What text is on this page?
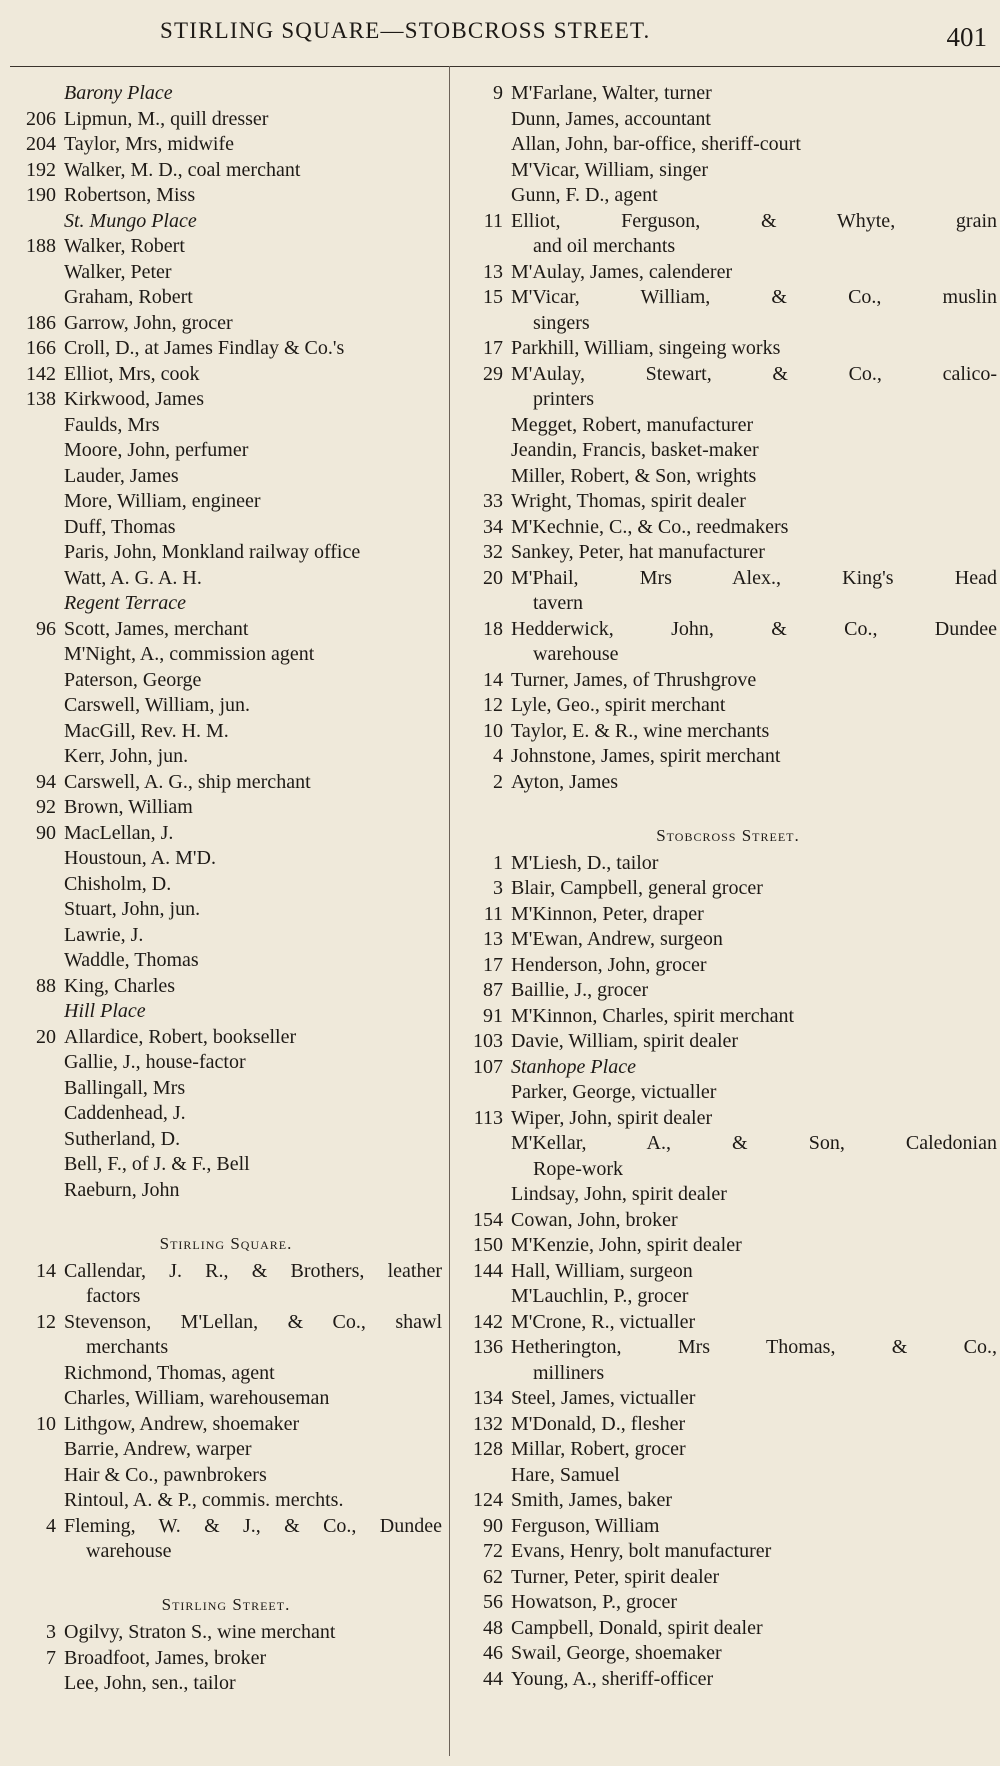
STIRLING SQUARE—STOBCROSS STREET.	401
Barony Place
206 Lipmun, M., quill dresser
204 Taylor, Mrs, midwife
192 Walker, M. D., coal merchant
190 Robertson, Miss
St. Mungo Place
188 Walker, Robert
Walker, Peter
Graham, Robert
186 Garrow, John, grocer
166 Croll, D., at James Findlay & Co.'s
142 Elliot, Mrs, cook
138 Kirkwood, James
Faulds, Mrs
Moore, John, perfumer
Lauder, James
More, William, engineer
Duff, Thomas
Paris, John, Monkland railway office
Watt, A. G. A. H.
Regent Terrace
96 Scott, James, merchant
M'Night, A., commission agent
Paterson, George
Carswell, William, jun.
MacGill, Rev. H. M.
Kerr, John, jun.
94 Carswell, A. G., ship merchant
92 Brown, William
90 MacLellan, J.
Houstoun, A. M'D.
Chisholm, D.
Stuart, John, jun.
Lawrie, J.
Waddle, Thomas
88 King, Charles
Hill Place
20 Allardice, Robert, bookseller
Gallie, J., house-factor
Ballingall, Mrs
Caddenhead, J.
Sutherland, D.
Bell, F., of J. & F., Bell
Raeburn, John
Stirling Square.
14 Callendar, J. R., & Brothers, leather
factors
12 Stevenson, M'Lellan, & Co., shawl
merchants
Richmond, Thomas, agent
Charles, William, warehouseman
10 Lithgow, Andrew, shoemaker
Barrie, Andrew, warper
Hair & Co., pawnbrokers
Rintoul, A. & P., commis. merchts.
4 Fleming, W. & J., & Co., Dundee
warehouse
Stirling Street.
3 Ogilvy, Straton S., wine merchant
7 Broadfoot, James, broker
Lee, John, sen., tailor
9 M'Farlane, Walter, turner
Dunn, James, accountant
Allan, John, bar-office, sheriff-court
M'Vicar, William, singer
Gunn, F. D., agent
11 Elliot, Ferguson, & Whyte, grain
and oil merchants
13 M'Aulay, James, calenderer
15 M'Vicar, William, & Co., muslin
singers
17 Parkhill, William, singeing works
29 M'Aulay, Stewart, & Co., calico-
printers
Megget, Robert, manufacturer
Jeandin, Francis, basket-maker
Miller, Robert, & Son, wrights
33 Wright, Thomas, spirit dealer
34 M'Kechnie, C., & Co., reedmakers
32 Sankey, Peter, hat manufacturer
20 M'Phail, Mrs Alex., King's Head
tavern
18 Hedderwick, John, & Co., Dundee
warehouse
14 Turner, James, of Thrushgrove
12 Lyle, Geo., spirit merchant
10 Taylor, E. & R., wine merchants
4 Johnstone, James, spirit merchant
2 Ayton, James
Stobcross Street.
1 M'Liesh, D., tailor
3 Blair, Campbell, general grocer
11 M'Kinnon, Peter, draper
13 M'Ewan, Andrew, surgeon
17 Henderson, John, grocer
87 Baillie, J., grocer
91 M'Kinnon, Charles, spirit merchant
103 Davie, William, spirit dealer
107 Stanhope Place
Parker, George, victualler
113 Wiper, John, spirit dealer
M'Kellar, A., & Son, Caledonian
Rope-work
Lindsay, John, spirit dealer
154 Cowan, John, broker
150 M'Kenzie, John, spirit dealer
144 Hall, William, surgeon
M'Lauchlin, P., grocer
142 M'Crone, R., victualler
136 Hetherington, Mrs Thomas, & Co.,
milliners
134 Steel, James, victualler
132 M'Donald, D., flesher
128 Millar, Robert, grocer
Hare, Samuel
124 Smith, James, baker
90 Ferguson, William
72 Evans, Henry, bolt manufacturer
62 Turner, Peter, spirit dealer
56 Howatson, P., grocer
48 Campbell, Donald, spirit dealer
46 Swail, George, shoemaker
44 Young, A., sheriff-officer
